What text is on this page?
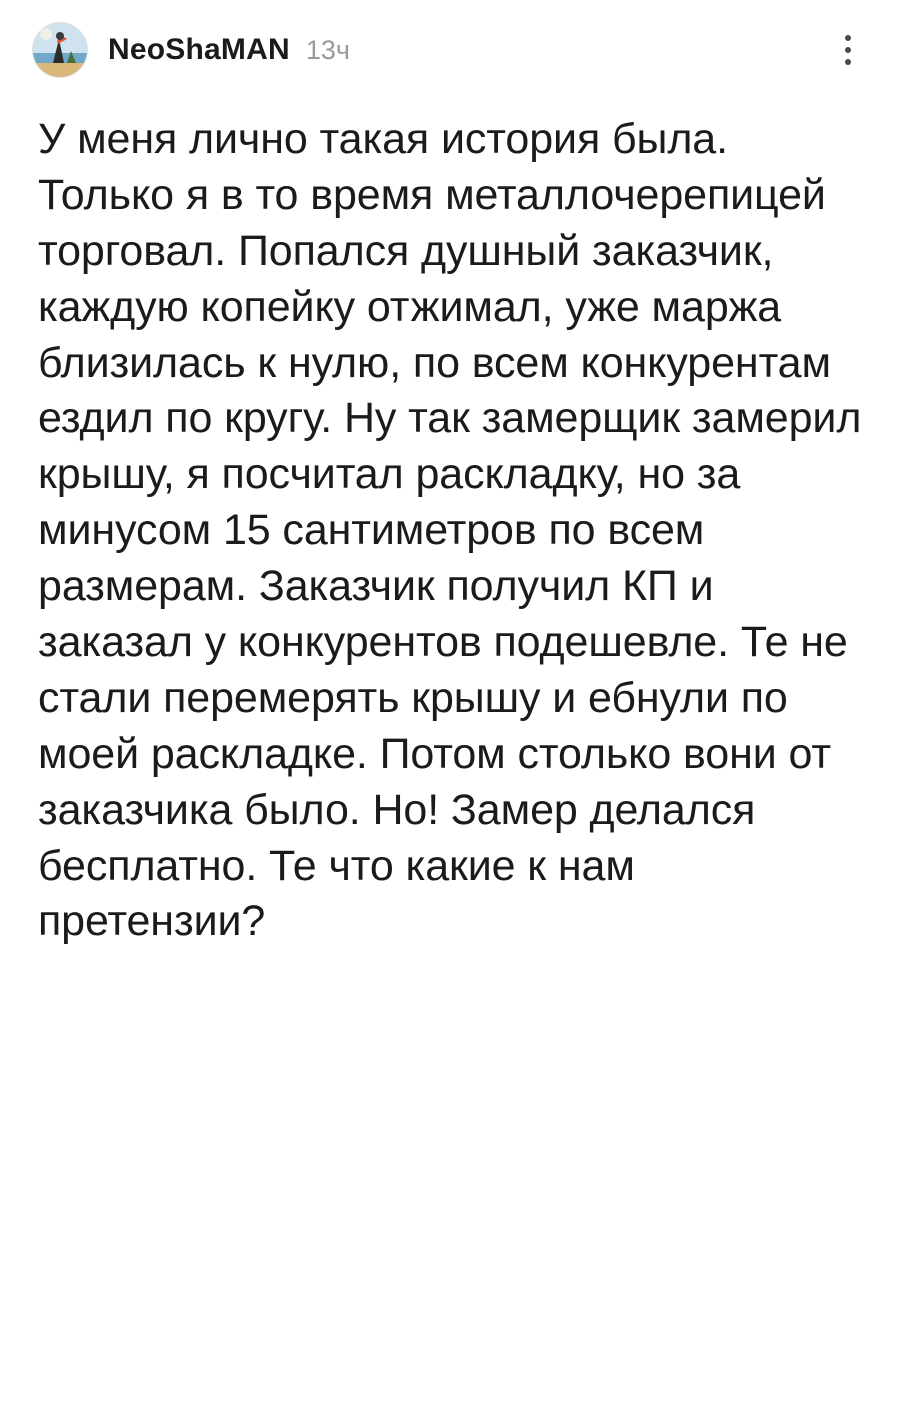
NeoShaMAN 13ч
У меня лично такая история была. Только я в то время металлочерепицей торговал. Попался душный заказчик, каждую копейку отжимал, уже маржа близилась к нулю, по всем конкурентам ездил по кругу. Ну так замерщик замерил крышу, я посчитал раскладку, но за минусом 15 сантиметров по всем размерам. Заказчик получил КП и заказал у конкурентов подешевле. Те не стали перемерять крышу и ебнули по моей раскладке. Потом столько вони от заказчика было. Но! Замер делался бесплатно. Те что какие к нам претензии?
